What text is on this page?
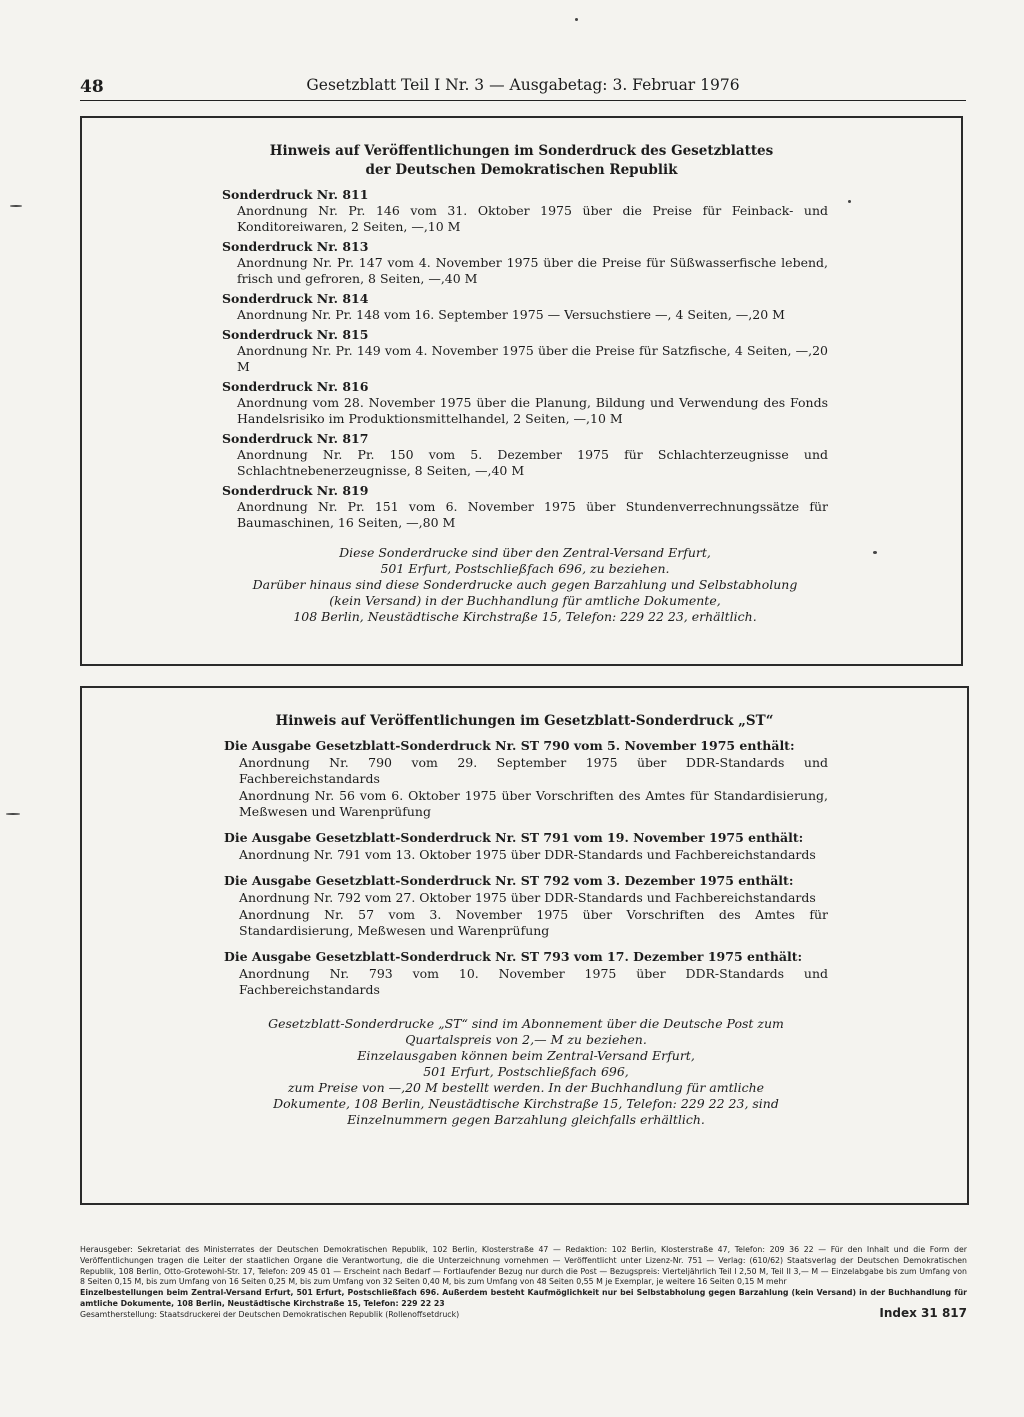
48	Gesetzblatt Teil I Nr. 3 — Ausgabetag: 3. Februar 1976
Hinweis auf Veröffentlichungen im Sonderdruck des Gesetzblattes
der Deutschen Demokratischen Republik
Sonderdruck Nr. 811
Anordnung Nr. Pr. 146 vom 31. Oktober 1975 über die Preise für Feinback- und Konditoreiwaren, 2 Seiten, —,10 M
Sonderdruck Nr. 813
Anordnung Nr. Pr. 147 vom 4. November 1975 über die Preise für Süßwasserfische lebend, frisch und gefroren, 8 Seiten, —,40 M
Sonderdruck Nr. 814
Anordnung Nr. Pr. 148 vom 16. September 1975 — Versuchstiere —, 4 Seiten, —,20 M
Sonderdruck Nr. 815
Anordnung Nr. Pr. 149 vom 4. November 1975 über die Preise für Satzfische, 4 Seiten, —,20 M
Sonderdruck Nr. 816
Anordnung vom 28. November 1975 über die Planung, Bildung und Verwendung des Fonds Handelsrisiko im Produktionsmittelhandel, 2 Seiten, —,10 M
Sonderdruck Nr. 817
Anordnung Nr. Pr. 150 vom 5. Dezember 1975 für Schlachterzeugnisse und Schlachtnebenerzeugnisse, 8 Seiten, —,40 M
Sonderdruck Nr. 819
Anordnung Nr. Pr. 151 vom 6. November 1975 über Stundenverrechnungssätze für Baumaschinen, 16 Seiten, —,80 M
Diese Sonderdrucke sind über den Zentral-Versand Erfurt,
501 Erfurt, Postschließfach 696, zu beziehen.
Darüber hinaus sind diese Sonderdrucke auch gegen Barzahlung und Selbstabholung
(kein Versand) in der Buchhandlung für amtliche Dokumente,
108 Berlin, Neustädtische Kirchstraße 15, Telefon: 229 22 23, erhältlich.
Hinweis auf Veröffentlichungen im Gesetzblatt-Sonderdruck „ST“
Die Ausgabe Gesetzblatt-Sonderdruck Nr. ST 790 vom 5. November 1975 enthält:
Anordnung Nr. 790 vom 29. September 1975 über DDR-Standards und Fachbereichstandards
Anordnung Nr. 56 vom 6. Oktober 1975 über Vorschriften des Amtes für Standardisierung, Meßwesen und Warenprüfung
Die Ausgabe Gesetzblatt-Sonderdruck Nr. ST 791 vom 19. November 1975 enthält:
Anordnung Nr. 791 vom 13. Oktober 1975 über DDR-Standards und Fachbereichstandards
Die Ausgabe Gesetzblatt-Sonderdruck Nr. ST 792 vom 3. Dezember 1975 enthält:
Anordnung Nr. 792 vom 27. Oktober 1975 über DDR-Standards und Fachbereichstandards
Anordnung Nr. 57 vom 3. November 1975 über Vorschriften des Amtes für Standardisierung, Meßwesen und Warenprüfung
Die Ausgabe Gesetzblatt-Sonderdruck Nr. ST 793 vom 17. Dezember 1975 enthält:
Anordnung Nr. 793 vom 10. November 1975 über DDR-Standards und Fachbereichstandards
Gesetzblatt-Sonderdrucke „ST“ sind im Abonnement über die Deutsche Post zum
Quartalspreis von 2,— M zu beziehen.
Einzelausgaben können beim Zentral-Versand Erfurt,
501 Erfurt, Postschließfach 696,
zum Preise von —,20 M bestellt werden. In der Buchhandlung für amtliche
Dokumente, 108 Berlin, Neustädtische Kirchstraße 15, Telefon: 229 22 23, sind
Einzelnummern gegen Barzahlung gleichfalls erhältlich.

Herausgeber: Sekretariat des Ministerrates der Deutschen Demokratischen Republik, 102 Berlin, Klosterstraße 47 — Redaktion: 102 Berlin, Klosterstraße 47, Telefon: 209 36 22 — Für den Inhalt und die Form der Veröffentlichungen tragen die Leiter der staatlichen Organe die Verantwortung, die die Unterzeichnung vornehmen — Veröffentlicht unter Lizenz-Nr. 751 — Verlag: (610/62) Staatsverlag der Deutschen Demokratischen Republik, 108 Berlin, Otto-Grotewohl-Str. 17, Telefon: 209 45 01 — Erscheint nach Bedarf — Fortlaufender Bezug nur durch die Post — Bezugspreis: Vierteljährlich Teil I 2,50 M, Teil II 3,— M — Einzelabgabe bis zum Umfang von 8 Seiten 0,15 M, bis zum Umfang von 16 Seiten 0,25 M, bis zum Umfang von 32 Seiten 0,40 M, bis zum Umfang von 48 Seiten 0,55 M je Exemplar, je weitere 16 Seiten 0,15 M mehr

Einzelbestellungen beim Zentral-Versand Erfurt, 501 Erfurt, Postschließfach 696. Außerdem besteht Kaufmöglichkeit nur bei Selbstabholung gegen Barzahlung (kein Versand) in der Buchhandlung für amtliche Dokumente, 108 Berlin, Neustädtische Kirchstraße 15, Telefon: 229 22 23

Gesamtherstellung: Staatsdruckerei der Deutschen Demokratischen Republik (Rollenoffsetdruck)	Index 31 817
